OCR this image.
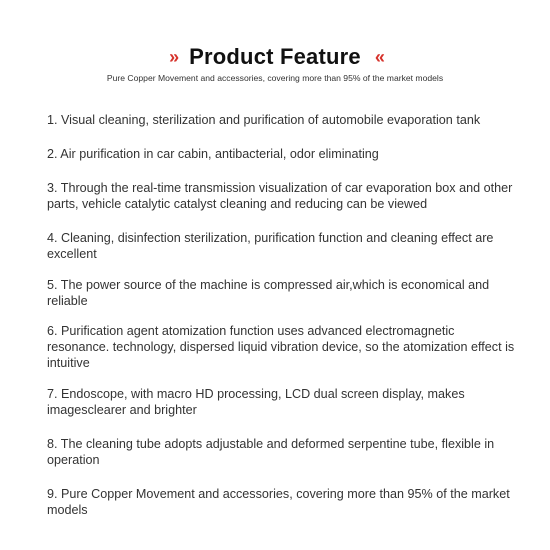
» Product Feature «
Pure Copper Movement and accessories, covering more than 95% of the market models
1. Visual cleaning, sterilization and purification of automobile evaporation tank
2. Air purification in car cabin, antibacterial, odor eliminating
3. Through the real-time transmission visualization of car evaporation box and other parts, vehicle catalytic catalyst cleaning and reducing can be viewed
4. Cleaning, disinfection sterilization, purification function and cleaning effect are excellent
5. The power source of the machine is compressed air,which is economical and reliable
6. Purification agent atomization function uses advanced electromagnetic resonance. technology, dispersed liquid vibration device, so the atomization effect is intuitive
7. Endoscope, with macro HD processing, LCD dual screen display, makes imagesclearer and brighter
8. The cleaning tube adopts adjustable and deformed serpentine tube, flexible in operation
9. Pure Copper Movement and accessories, covering more than 95% of the market models
